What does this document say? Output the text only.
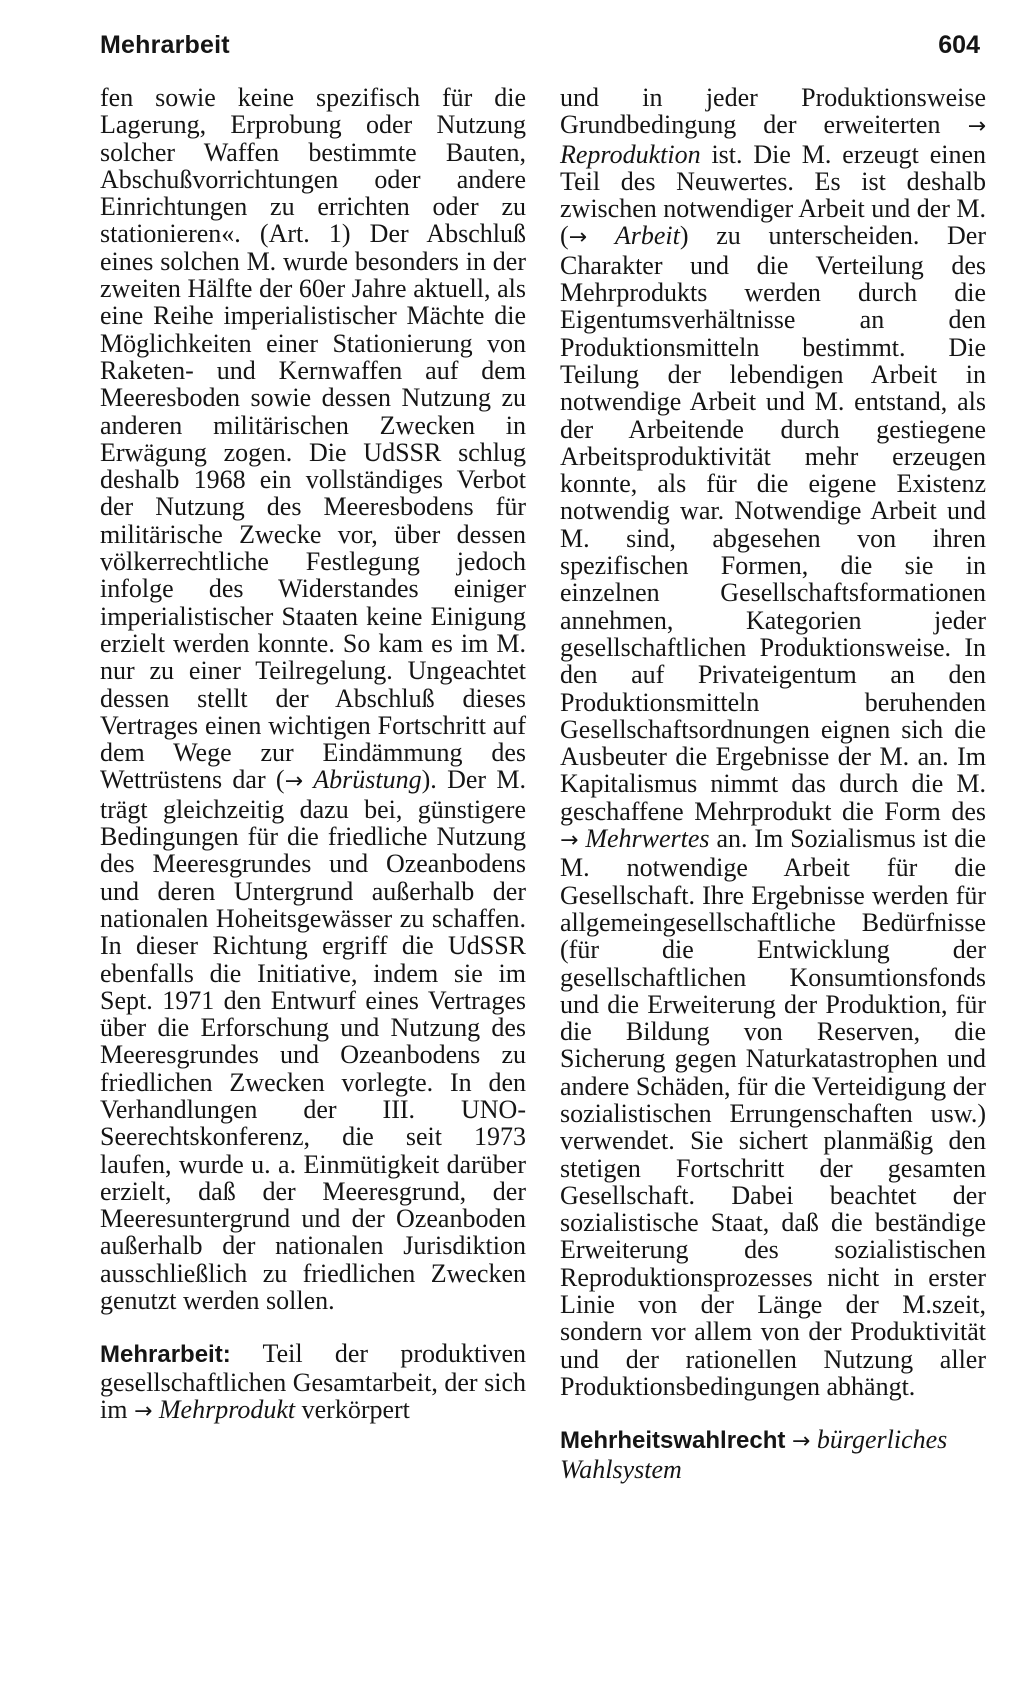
Mehrarbeit	604

fen sowie keine spezifisch für die Lagerung, Erprobung oder Nutzung solcher Waffen bestimmte Bauten, Abschußvorrichtungen oder andere Einrichtungen zu errichten oder zu stationieren«. (Art. 1) Der Abschluß eines solchen M. wurde besonders in der zweiten Hälfte der 60er Jahre aktuell, als eine Reihe imperialistischer Mächte die Möglichkeiten einer Stationierung von Raketen- und Kernwaffen auf dem Meeresboden sowie dessen Nutzung zu anderen militärischen Zwecken in Erwägung zogen. Die UdSSR schlug deshalb 1968 ein vollständiges Verbot der Nutzung des Meeresbodens für militärische Zwecke vor, über dessen völkerrechtliche Festlegung jedoch infolge des Widerstandes einiger imperialistischer Staaten keine Einigung erzielt werden konnte. So kam es im M. nur zu einer Teilregelung. Ungeachtet dessen stellt der Abschluß dieses Vertrages einen wichtigen Fortschritt auf dem Wege zur Eindämmung des Wettrüstens dar (→ Abrüstung). Der M. trägt gleichzeitig dazu bei, günstigere Bedingungen für die friedliche Nutzung des Meeresgrundes und Ozeanbodens und deren Untergrund außerhalb der nationalen Hoheitsgewässer zu schaffen. In dieser Richtung ergriff die UdSSR ebenfalls die Initiative, indem sie im Sept. 1971 den Entwurf eines Vertrages über die Erforschung und Nutzung des Meeresgrundes und Ozeanbodens zu friedlichen Zwecken vorlegte. In den Verhandlungen der III. UNO-Seerechtskonferenz, die seit 1973 laufen, wurde u. a. Einmütigkeit darüber erzielt, daß der Meeresgrund, der Meeresuntergrund und der Ozeanboden außerhalb der nationalen Jurisdiktion ausschließlich zu friedlichen Zwecken genutzt werden sollen.

Mehrarbeit: Teil der produktiven gesellschaftlichen Gesamtarbeit, der sich im → Mehrprodukt verkörpert

und in jeder Produktionsweise Grundbedingung der erweiterten → Reproduktion ist. Die M. erzeugt einen Teil des Neuwertes. Es ist deshalb zwischen notwendiger Arbeit und der M. (→ Arbeit) zu unterscheiden. Der Charakter und die Verteilung des Mehrprodukts werden durch die Eigentumsverhältnisse an den Produktionsmitteln bestimmt. Die Teilung der lebendigen Arbeit in notwendige Arbeit und M. entstand, als der Arbeitende durch gestiegene Arbeitsproduktivität mehr erzeugen konnte, als für die eigene Existenz notwendig war. Notwendige Arbeit und M. sind, abgesehen von ihren spezifischen Formen, die sie in einzelnen Gesellschaftsformationen annehmen, Kategorien jeder gesellschaftlichen Produktionsweise. In den auf Privateigentum an den Produktionsmitteln beruhenden Gesellschaftsordnungen eignen sich die Ausbeuter die Ergebnisse der M. an. Im Kapitalismus nimmt das durch die M. geschaffene Mehrprodukt die Form des → Mehrwertes an. Im Sozialismus ist die M. notwendige Arbeit für die Gesellschaft. Ihre Ergebnisse werden für allgemeingesellschaftliche Bedürfnisse (für die Entwicklung der gesellschaftlichen Konsumtionsfonds und die Erweiterung der Produktion, für die Bildung von Reserven, die Sicherung gegen Naturkatastrophen und andere Schäden, für die Verteidigung der sozialistischen Errungenschaften usw.) verwendet. Sie sichert planmäßig den stetigen Fortschritt der gesamten Gesellschaft. Dabei beachtet der sozialistische Staat, daß die beständige Erweiterung des sozialistischen Reproduktionsprozesses nicht in erster Linie von der Länge der M.szeit, sondern vor allem von der Produktivität und der rationellen Nutzung aller Produktionsbedingungen abhängt.

Mehrheitswahlrecht → bürgerliches Wahlsystem
